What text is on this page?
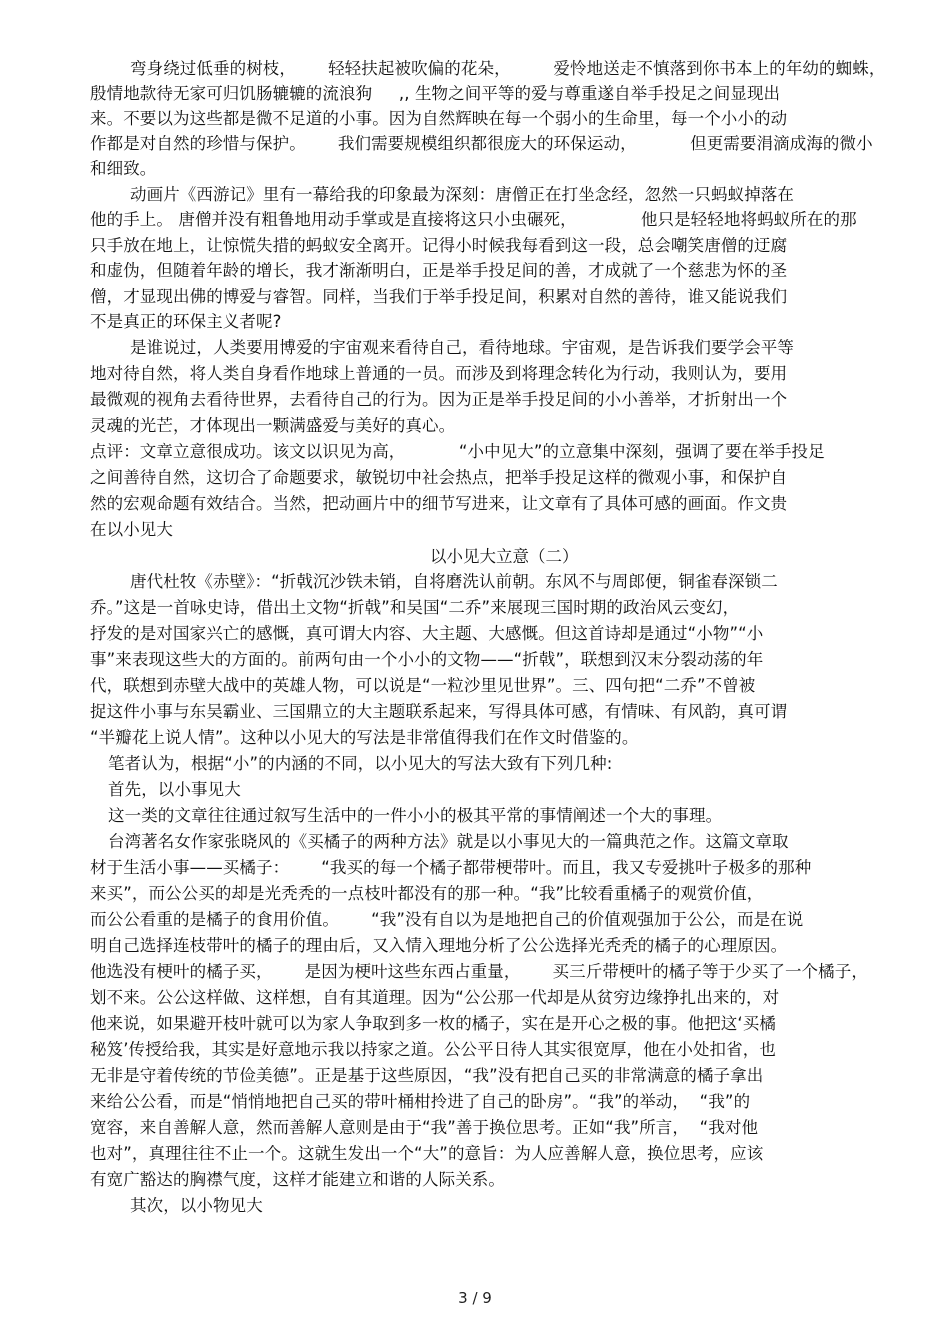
弯身绕过低垂的树枝，      轻轻扶起被吹偏的花朵，        爱怜地送走不慎落到你书本上的年幼的蜘蛛，
殷情地款待无家可归饥肠辘辘的流浪狗     ,, 生物之间平等的爱与尊重遂自举手投足之间显现出
来。不要以为这些都是微不足道的小事。因为自然辉映在每一个弱小的生命里，每一个小小的动
作都是对自然的珍惜与保护。      我们需要规模组织都很庞大的环保运动，          但更需要涓滴成海的微小
和细致。
动画片《西游记》里有一幕给我的印象最为深刻：唐僧正在打坐念经，忽然一只蚂蚁掉落在
他的手上。 唐僧并没有粗鲁地用动手掌或是直接将这只小虫碾死，            他只是轻轻地将蚂蚁所在的那
只手放在地上，让惊慌失措的蚂蚁安全离开。记得小时候我每看到这一段，总会嘲笑唐僧的迂腐
和虚伪，但随着年龄的增长，我才渐渐明白，正是举手投足间的善，才成就了一个慈悲为怀的圣
僧，才显现出佛的博爱与睿智。同样，当我们于举手投足间，积累对自然的善待，谁又能说我们
不是真正的环保主义者呢?
是谁说过，人类要用博爱的宇宙观来看待自己，看待地球。宇宙观，是告诉我们要学会平等
地对待自然，将人类自身看作地球上普通的一员。而涉及到将理念转化为行动，我则认为，要用
最微观的视角去看待世界，去看待自己的行为。因为正是举手投足间的小小善举，才折射出一个
灵魂的光芒，才体现出一颗满盛爱与美好的真心。
点评：文章立意很成功。该文以识见为高，          “小中见大”的立意集中深刻，强调了要在举手投足
之间善待自然，这切合了命题要求，敏锐切中社会热点，把举手投足这样的微观小事，和保护自
然的宏观命题有效结合。当然，把动画片中的细节写进来，让文章有了具体可感的画面。作文贵
在以小见大
以小见大立意（二）
唐代杜牧《赤壁》：“折戟沉沙铁未销，自将磨洗认前朝。东风不与周郎便，铜雀春深锁二
乔。”这是一首咏史诗，借出土文物“折戟”和吴国“二乔”来展现三国时期的政治风云变幻，
抒发的是对国家兴亡的感慨，真可谓大内容、大主题、大感慨。但这首诗却是通过“小物”“小
事”来表现这些大的方面的。前两句由一个小小的文物——“折戟”，联想到汉末分裂动荡的年
代，联想到赤壁大战中的英雄人物，可以说是“一粒沙里见世界”。三、四句把“二乔”不曾被
捉这件小事与东吴霸业、三国鼎立的大主题联系起来，写得具体可感，有情味、有风韵，真可谓
“半瓣花上说人情”。这种以小见大的写法是非常值得我们在作文时借鉴的。
笔者认为，根据“小”的内涵的不同，以小见大的写法大致有下列几种:
首先，以小事见大
这一类的文章往往通过叙写生活中的一件小小的极其平常的事情阐述一个大的事理。
台湾著名女作家张晓风的《买橘子的两种方法》就是以小事见大的一篇典范之作。这篇文章取
材于生活小事——买橘子：      “我买的每一个橘子都带梗带叶。而且，我又专爱挑叶子极多的那种
来买”，而公公买的却是光秃秃的一点枝叶都没有的那一种。“我”比较看重橘子的观赏价值，
而公公看重的是橘子的食用价值。      “我”没有自以为是地把自己的价值观强加于公公，而是在说
明自己选择连枝带叶的橘子的理由后，又入情入理地分析了公公选择光秃秃的橘子的心理原因。
他选没有梗叶的橘子买，      是因为梗叶这些东西占重量，      买三斤带梗叶的橘子等于少买了一个橘子，
划不来。公公这样做、这样想，自有其道理。因为“公公那一代却是从贫穷边缘挣扎出来的，对
他来说，如果避开枝叶就可以为家人争取到多一枚的橘子，实在是开心之极的事。他把这‘买橘
秘笈’传授给我，其实是好意地示我以持家之道。公公平日待人其实很宽厚，他在小处扣省，也
无非是守着传统的节俭美德”。正是基于这些原因，“我”没有把自己买的非常满意的橘子拿出
来给公公看，而是“悄悄地把自己买的带叶桶柑拎进了自己的卧房”。“我”的举动，  “我”的
宽容，来自善解人意，然而善解人意则是由于“我”善于换位思考。正如“我”所言，  “我对他
也对”，真理往往不止一个。这就生发出一个“大”的意旨：为人应善解人意，换位思考，应该
有宽广豁达的胸襟气度，这样才能建立和谐的人际关系。
其次，以小物见大
3 / 9
